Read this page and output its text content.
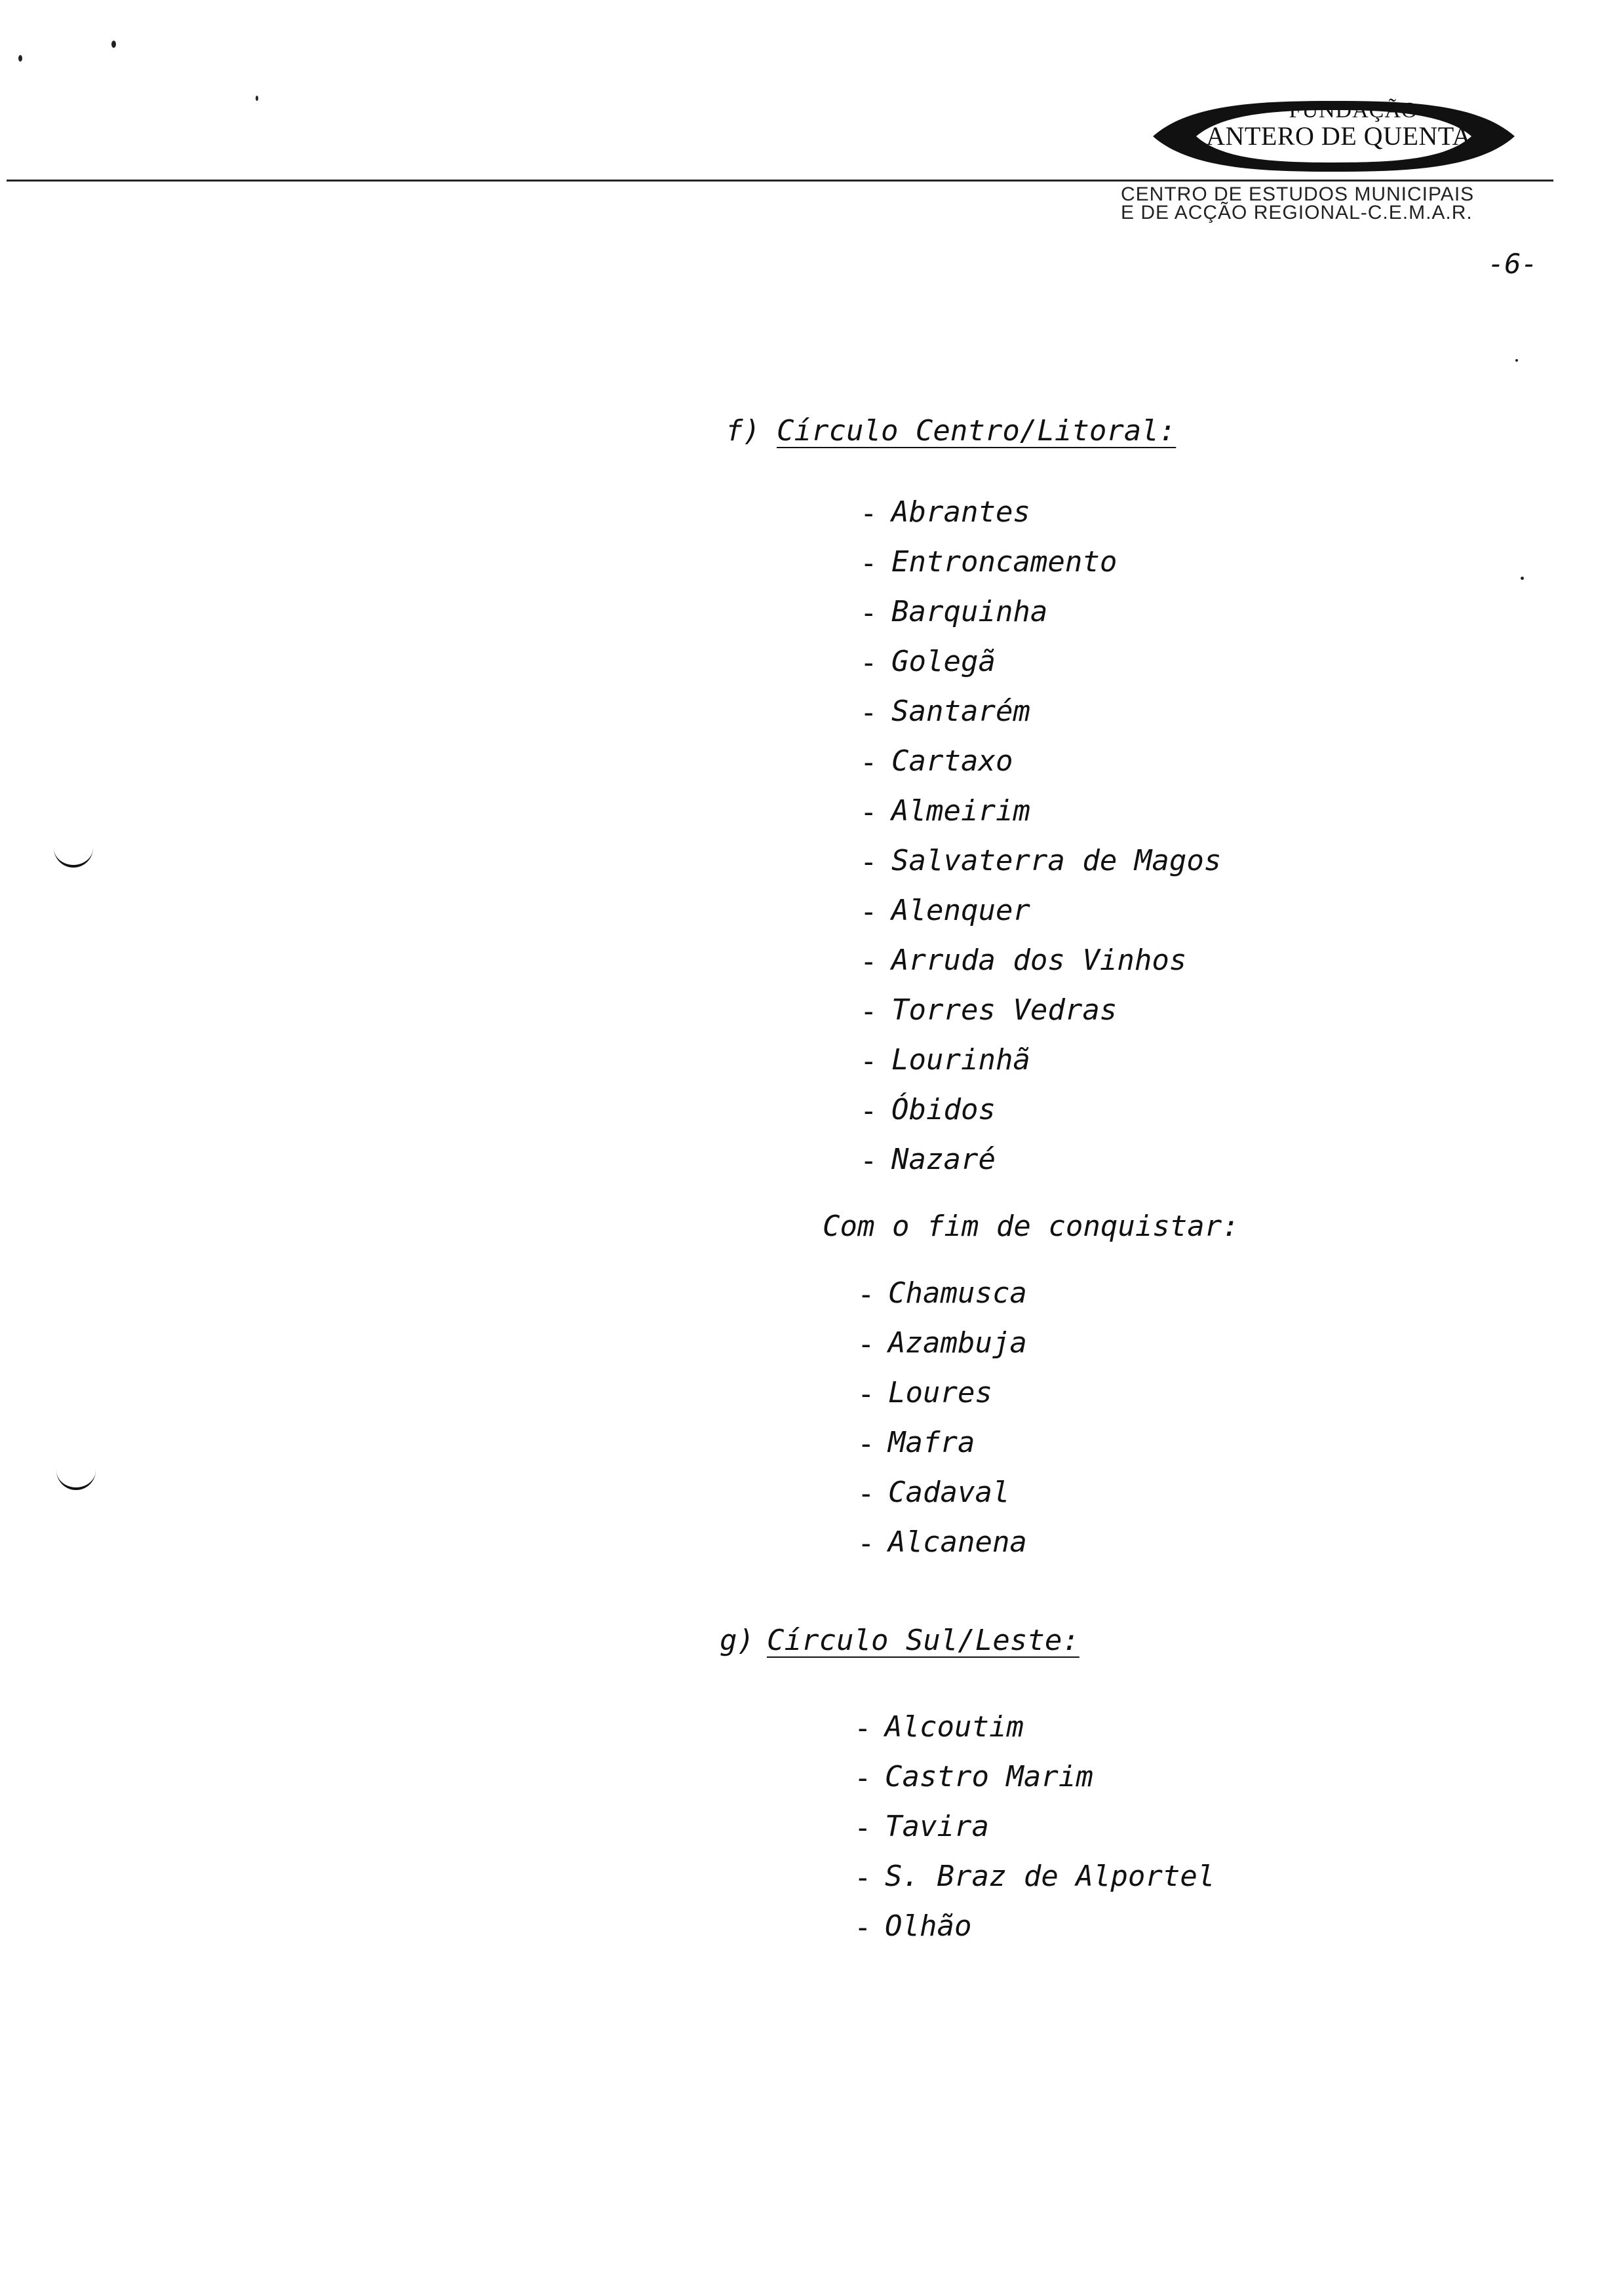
FUNDAÇÃO
ANTERO DE QUENTAL
CENTRO DE ESTUDOS MUNICIPAIS
E DE ACÇÃO REGIONAL-C.E.M.A.R.
-6-
f) Círculo Centro/Litoral:
- Abrantes
- Entroncamento
- Barquinha
- Golegã
- Santarém
- Cartaxo
- Almeirim
- Salvaterra de Magos
- Alenquer
- Arruda dos Vinhos
- Torres Vedras
- Lourinhã
- Óbidos
- Nazaré
Com o fim de conquistar:
- Chamusca
- Azambuja
- Loures
- Mafra
- Cadaval
- Alcanena
g) Círculo Sul/Leste:
- Alcoutim
- Castro Marim
- Tavira
- S. Braz de Alportel
- Olhão
